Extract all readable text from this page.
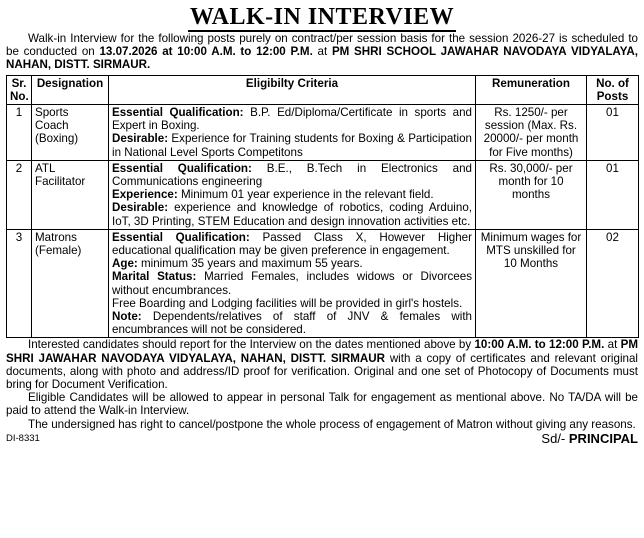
WALK-IN INTERVIEW

Walk-in Interview for the following posts purely on contract/per session basis for the session 2026-27 is scheduled to be conducted on 13.07.2026 at 10:00 A.M. to 12:00 P.M. at PM SHRI SCHOOL JAWAHAR NAVODAYA VIDYALAYA, NAHAN, DISTT. SIRMAUR.

Sr. No.	Designation	Eligibilty Criteria	Remuneration	No. of Posts
1	Sports Coach (Boxing)	Essential Qualification: B.P. Ed/Diploma/Certificate in sports and Expert in Boxing.
Desirable: Experience for Training students for Boxing & Participation in National Level Sports Competitons	Rs. 1250/- per session (Max. Rs. 20000/- per month for Five months)	01
2	ATL Facilitator	Essential Qualification: B.E., B.Tech in Electronics and Communications engineering
Experience: Minimum 01 year experience in the relevant field.
Desirable: experience and knowledge of robotics, coding Arduino, IoT, 3D Printing, STEM Education and design innovation activities etc.	Rs. 30,000/- per month for 10 months	01
3	Matrons (Female)	Essential Qualification: Passed Class X, However Higher educational qualification may be given preference in engagement.
Age: minimum 35 years and maximum 55 years.
Marital Status: Married Females, includes widows or Divorcees without encumbrances.
Free Boarding and Lodging facilities will be provided in girl's hostels.
Note: Dependents/relatives of staff of JNV & females with encumbrances will not be considered.	Minimum wages for MTS unskilled for 10 Months	02

Interested candidates should report for the Interview on the dates mentioned above by 10:00 A.M. to 12:00 P.M. at PM SHRI JAWAHAR NAVODAYA VIDYALAYA, NAHAN, DISTT. SIRMAUR with a copy of certificates and relevant original documents, along with photo and address/ID proof for verification. Original and one set of Photocopy of Documents must bring for Document Verification.

Eligible Candidates will be allowed to appear in personal Talk for engagement as mentional above. No TA/DA will be paid to attend the Walk-in Interview.

The undersigned has right to cancel/postpone the whole process of engagement of Matron without giving any reasons.

DI-8331	Sd/- PRINCIPAL
